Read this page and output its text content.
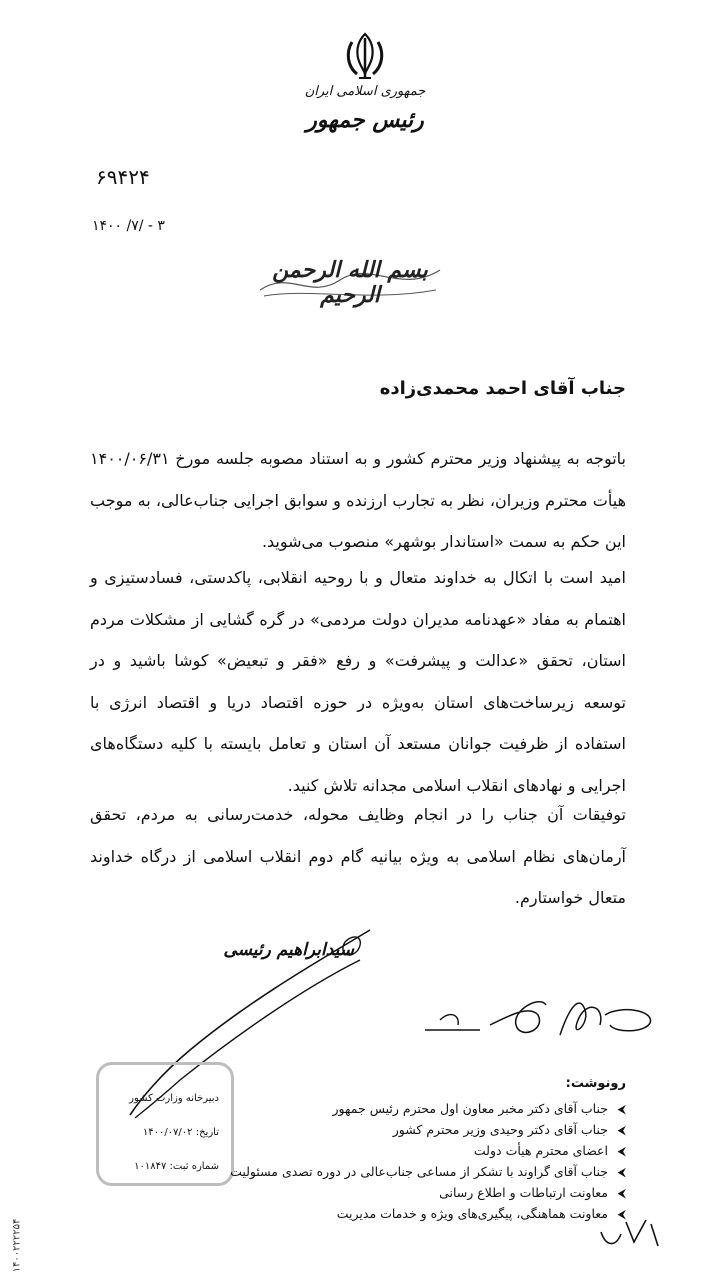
جمهوری اسلامی ایران
رئیس جمهور
۶۹۴۲۴
۱۴۰۰ /۷/ - ۳
بسم الله الرحمن الرحیم
جناب آقای احمد محمدی‌زاده
باتوجه به پیشنهاد وزیر محترم کشور و به استناد مصوبه جلسه مورخ ۱۴۰۰/۰۶/۳۱ هیأت محترم وزیران، نظر به تجارب ارزنده و سوابق اجرایی جناب‌عالی، به موجب این حکم به سمت «استاندار بوشهر» منصوب می‌شوید.
امید است با اتکال به خداوند متعال و با روحیه انقلابی، پاکدستی، فسادستیزی و اهتمام به مفاد «عهدنامه مدیران دولت مردمی» در گره گشایی از مشکلات مردم استان، تحقق «عدالت و پیشرفت» و رفع «فقر و تبعیض» کوشا باشید و در توسعه زیرساخت‌های استان به‌ویژه در حوزه اقتصاد دریا و اقتصاد انرژی با استفاده از ظرفیت جوانان مستعد آن استان و تعامل بایسته با کلیه دستگاه‌های اجرایی و نهادهای انقلاب اسلامی مجدانه تلاش کنید.
توفیقات آن جناب را در انجام وظایف محوله، خدمت‌رسانی به مردم، تحقق آرمان‌های نظام اسلامی به ویژه بیانیه گام دوم انقلاب اسلامی از درگاه خداوند متعال خواستارم.
سیدابراهیم رئیسی
دبیرخانه وزارت کشور
تاریخ: ۱۴۰۰/۰۷/۰۲
شماره ثبت: ۱۰۱۸۴۷
رونوشت:
⮜جناب آقای دکتر مخبر معاون اول محترم رئیس جمهور
⮜جناب آقای دکتر وحیدی وزیر محترم کشور
⮜اعضای محترم هیأت دولت
⮜جناب آقای گراوند با تشکر از مساعی جناب‌عالی در دوره تصدی مسئولیت
⮜معاونت ارتباطات و اطلاع رسانی
⮜معاونت هماهنگی، پیگیری‌های ویژه و خدمات مدیریت
۱۴۰۰۲۲۲۲۵۴
